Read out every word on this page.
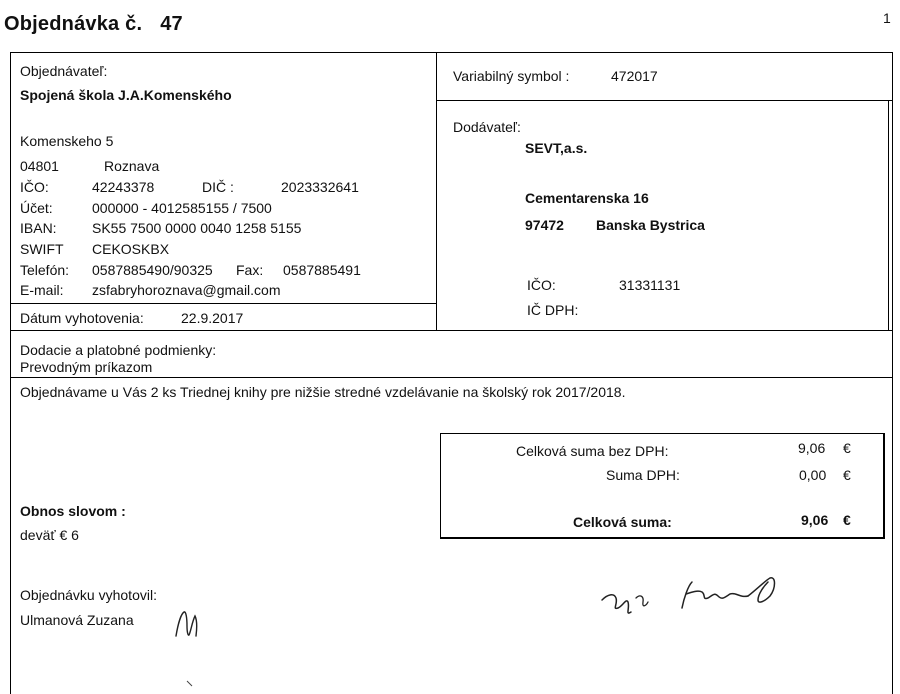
Objednávka č. 47	1
Objednávateľ:
Spojená škola J.A.Komenského
Komenskeho 5
04801	Roznava
IČO:	42243378	DIČ :	2023332641
Účet:	000000 - 4012585155 / 7500
IBAN:	SK55 7500 0000 0040 1258 5155
SWIFT CEKOSKBX
Telefón: 0587885490/90325 Fax: 0587885491
E-mail: zsfabryhoroznava@gmail.com
Dátum vyhotovenia:	22.9.2017
Variabilný symbol :	472017
Dodávateľ:
SEVT,a.s.
Cementarenska 16
97472 Banska Bystrica
IČO:	31331131
IČ DPH:
Dodacie a platobné podmienky:
Prevodným príkazom
Objednávame u Vás 2 ks Triednej knihy pre nižšie stredné vzdelávanie na školský rok 2017/2018.
Celková suma bez DPH:	9,06 €
Suma DPH:	0,00 €
Celková suma:	9,06 €
Obnos slovom :
deväť € 6
Objednávku vyhotovil:
Ulmanová Zuzana
